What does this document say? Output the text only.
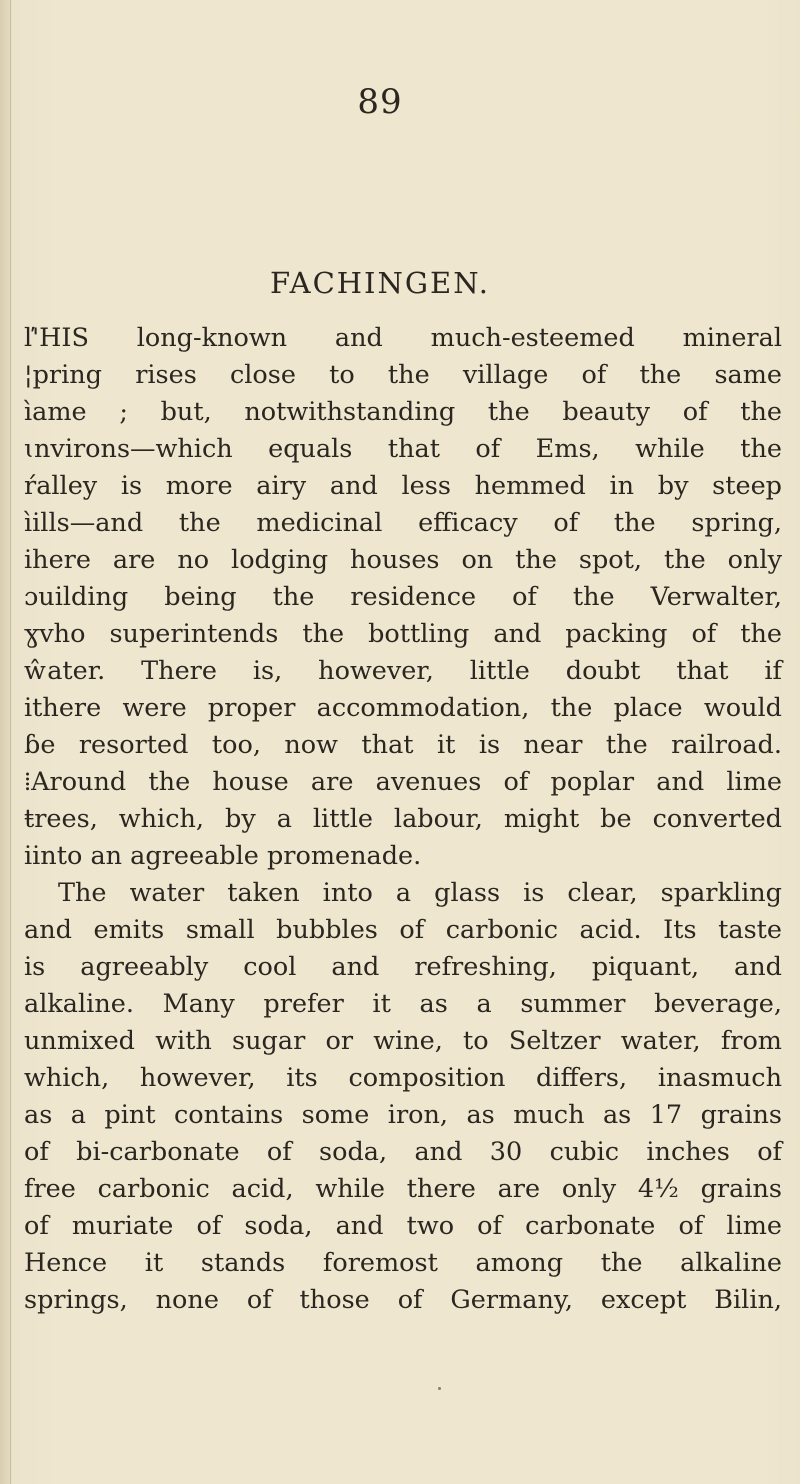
89
FACHINGEN.
ľ'HIS long-known and much-esteemed mineral
¦pring rises close to the village of the same
ìame ; but, notwithstanding the beauty of the
ɩnvirons—which equals that of Ems, while the
ŕalley is more airy and less hemmed in by steep
ìills—and the medicinal efficacy of the spring,
ihere are no lodging houses on the spot, the only
ɔuilding being the residence of the Verwalter,
ɣvho superintends the bottling and packing of the
ŵater. There is, however, little doubt that if
ithere were proper accommodation, the place would
ɓe resorted too, now that it is near the railroad.
⁞Around the house are avenues of poplar and lime
ŧrees, which, by a little labour, might be converted
iinto an agreeable promenade.
The water taken into a glass is clear, sparkling
and emits small bubbles of carbonic acid. Its taste
is agreeably cool and refreshing, piquant, and
alkaline. Many prefer it as a summer beverage,
unmixed with sugar or wine, to Seltzer water, from
which, however, its composition differs, inasmuch
as a pint contains some iron, as much as 17 grains
of bi-carbonate of soda, and 30 cubic inches of
free carbonic acid, while there are only 4½ grains
of muriate of soda, and two of carbonate of lime
Hence it stands foremost among the alkaline
springs, none of those of Germany, except Bilin,
